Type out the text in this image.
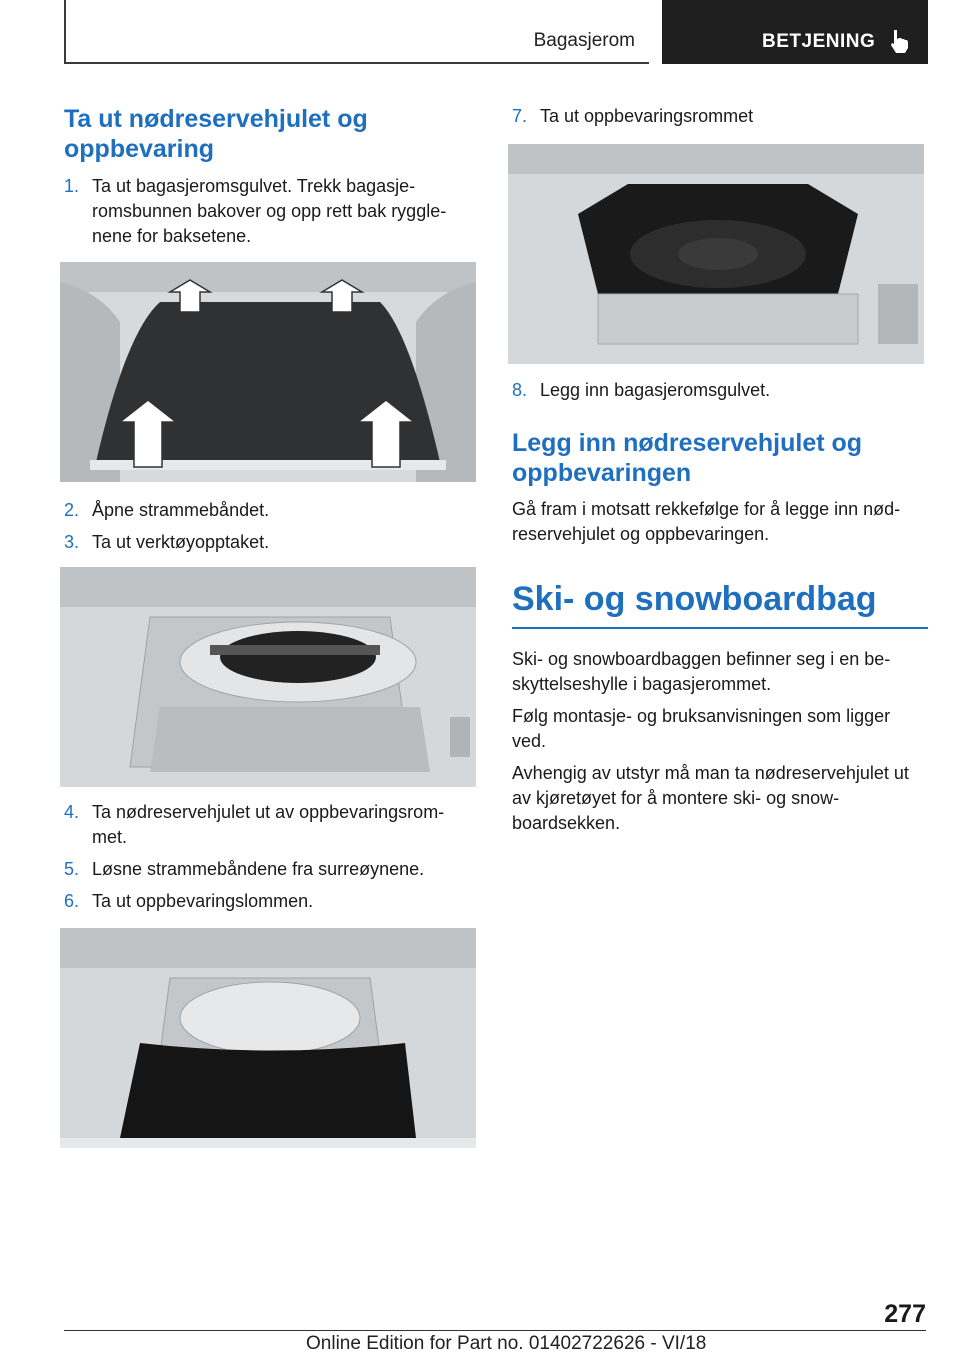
Bagasjerom	BETJENING
Ta ut nødreservehjulet og oppbevaring
1. Ta ut bagasjeromsgulvet. Trekk bagasje-romsbunnen bakover og opp rett bak ryggle-nene for baksetene.
2. Åpne strammebåndet.
3. Ta ut verktøyopptaket.
4. Ta nødreservehjulet ut av oppbevaringsrom-met.
5. Løsne strammebåndene fra surreøynene.
6. Ta ut oppbevaringslommen.
7. Ta ut oppbevaringsrommet
8. Legg inn bagasjeromsgulvet.
Legg inn nødreservehjulet og oppbevaringen

Gå fram i motsatt rekkefølge for å legge inn nød-reservehjulet og oppbevaringen.

Ski- og snowboardbag

Ski- og snowboardbaggen befinner seg i en be-skyttelseshylle i bagasjerommet.

Følg montasje- og bruksanvisningen som ligger ved.

Avhengig av utstyr må man ta nødreservehjulet ut av kjøretøyet for å montere ski- og snow-boardsekken.

277
Online Edition for Part no. 01402722626 - VI/18
